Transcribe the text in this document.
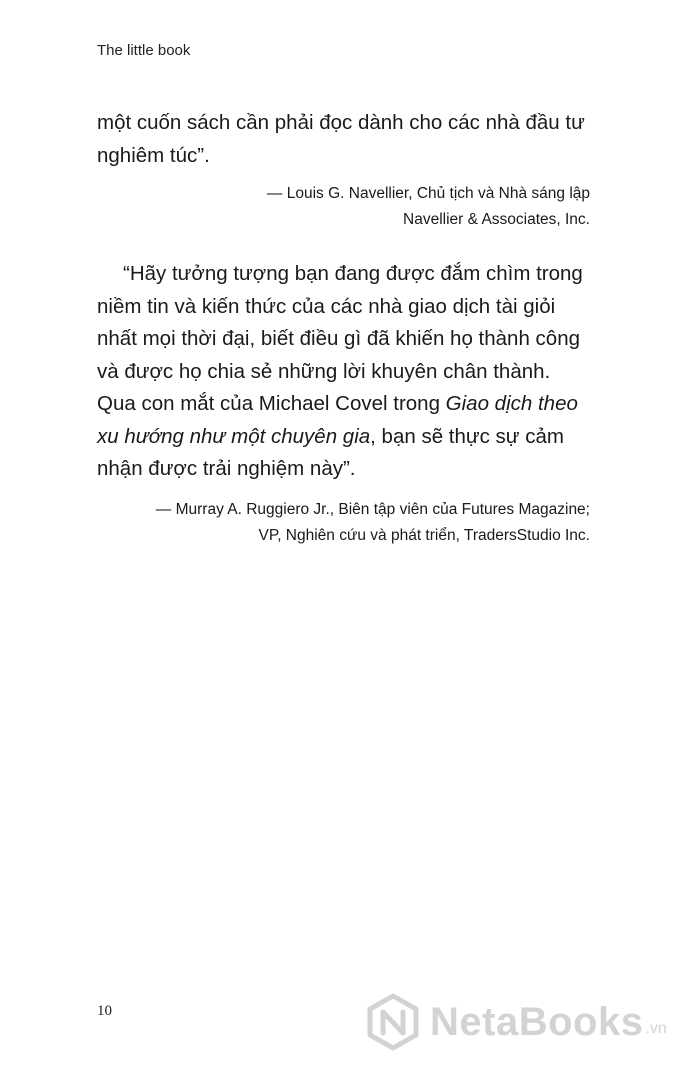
The little book

một cuốn sách cần phải đọc dành cho các nhà đầu tư nghiêm túc”.

— Louis G. Navellier, Chủ tịch và Nhà sáng lập
Navellier & Associates, Inc.

“Hãy tưởng tượng bạn đang được đắm chìm trong niềm tin và kiến thức của các nhà giao dịch tài giỏi nhất mọi thời đại, biết điều gì đã khiến họ thành công và được họ chia sẻ những lời khuyên chân thành. Qua con mắt của Michael Covel trong Giao dịch theo xu hướng như một chuyên gia, bạn sẽ thực sự cảm nhận được trải nghiệm này”.

— Murray A. Ruggiero Jr., Biên tập viên của Futures Magazine;
VP, Nghiên cứu và phát triển, TradersStudio Inc.
10	NetaBooks .vn
